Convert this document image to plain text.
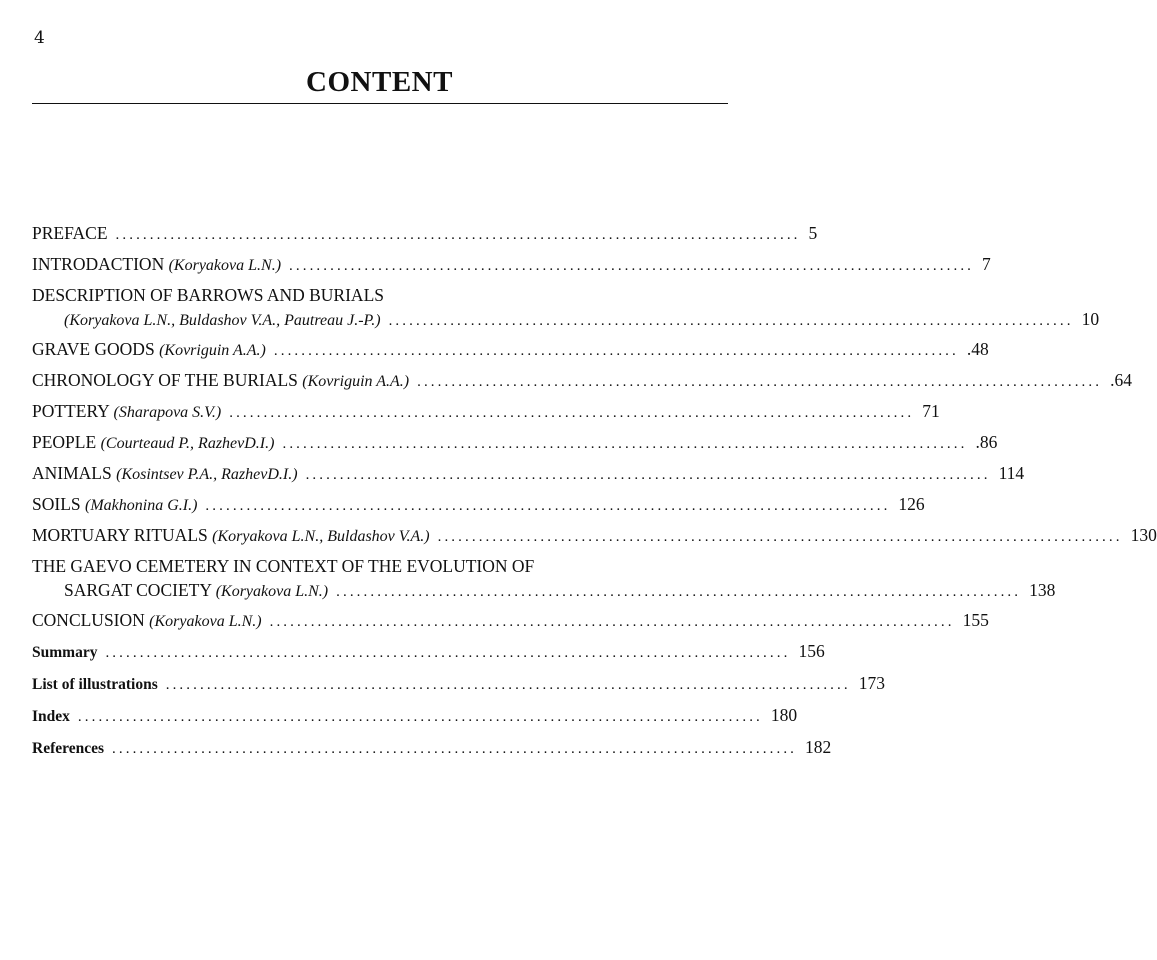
4
CONTENT
PREFACE .................................................................................................... 5
INTRODACTION (Koryakova L.N.) .................................................................................................... 7
DESCRIPTION OF BARROWS AND BURIALS
(Koryakova L.N., Buldashov V.A., Pautreau J.-P.) .................................................................................................... 10
GRAVE GOODS (Kovriguin A.A.) .................................................................................................... .48
CHRONOLOGY OF THE BURIALS (Kovriguin A.A.) .................................................................................................... .64
POTTERY (Sharapova S.V.) .................................................................................................... 71
PEOPLE (Courteaud P., RazhevD.I.) .................................................................................................... .86
ANIMALS (Kosintsev P.A., RazhevD.I.) .................................................................................................... 114
SOILS (Makhonina G.I.) .................................................................................................... 126
MORTUARY RITUALS (Koryakova L.N., Buldashov V.A.) .................................................................................................... 130
THE GAEVO CEMETERY IN CONTEXT OF THE EVOLUTION OF
SARGAT COCIETY (Koryakova L.N.) .................................................................................................... 138
CONCLUSION (Koryakova L.N.) .................................................................................................... 155
Summary .................................................................................................... 156
List of illustrations .................................................................................................... 173
Index .................................................................................................... 180
References .................................................................................................... 182
